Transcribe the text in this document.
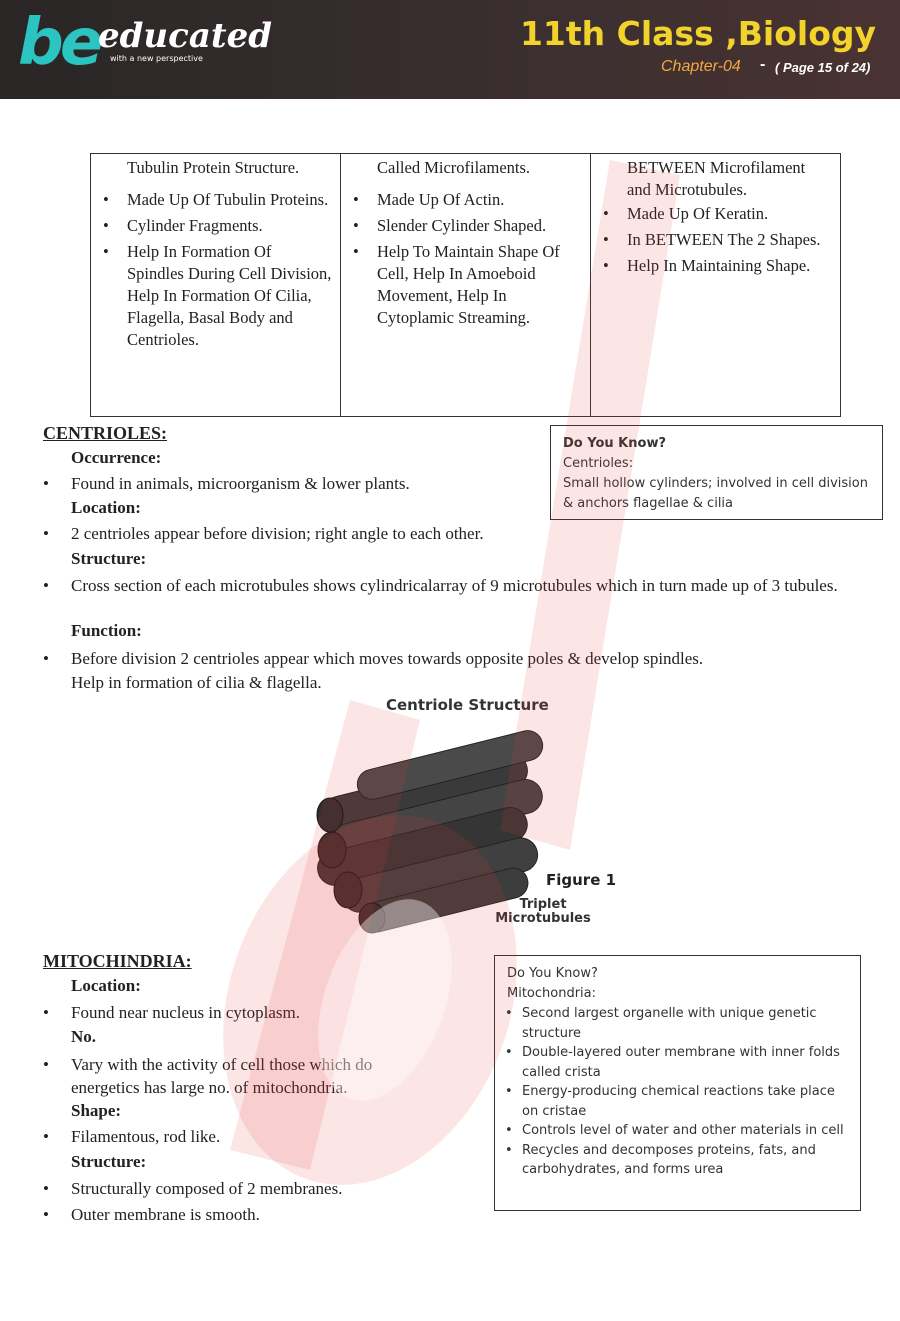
be
educated
with a new perspective
11th Class ,Biology
Chapter-04 - ( Page 15 of 24)
Tubulin Protein Structure.
• Made Up Of Tubulin Proteins.
• Cylinder Fragments.
• Help In Formation Of Spindles During Cell Division, Help In Formation Of Cilia, Flagella, Basal Body and Centrioles.

Called Microfilaments.
• Made Up Of Actin.
• Slender Cylinder Shaped.
• Help To Maintain Shape Of Cell, Help In Amoeboid Movement, Help In Cytoplamic Streaming.

BETWEEN Microfilament and Microtubules.
• Made Up Of Keratin.
• In BETWEEN The 2 Shapes.
• Help In Maintaining Shape.
CENTRIOLES:
Occurrence:
• Found in animals, microorganism & lower plants.
Location:
• 2 centrioles appear before division; right angle to each other.
Structure:
• Cross section of each microtubules shows cylindricalarray of 9 microtubules which in turn made up of 3 tubules.
Function:
• Before division 2 centrioles appear which moves towards opposite poles & develop spindles.
Help in formation of cilia & flagella.
Do You Know?
Centrioles:
Small hollow cylinders; involved in cell division
& anchors flagellae & cilia
Centriole Structure
Figure 1
Triplet Microtubules
MITOCHINDRIA:
Location:
• Found near nucleus in cytoplasm.
No.
• Vary with the activity of cell those which do energetics has large no. of mitochondria.
Shape:
• Filamentous, rod like.
Structure:
• Structurally composed of 2 membranes.
• Outer membrane is smooth.
Do You Know?
Mitochondria:
• Second largest organelle with unique genetic structure
• Double-layered outer membrane with inner folds called crista
• Energy-producing chemical reactions take place on cristae
• Controls level of water and other materials in cell
• Recycles and decomposes proteins, fats, and carbohydrates, and forms urea
